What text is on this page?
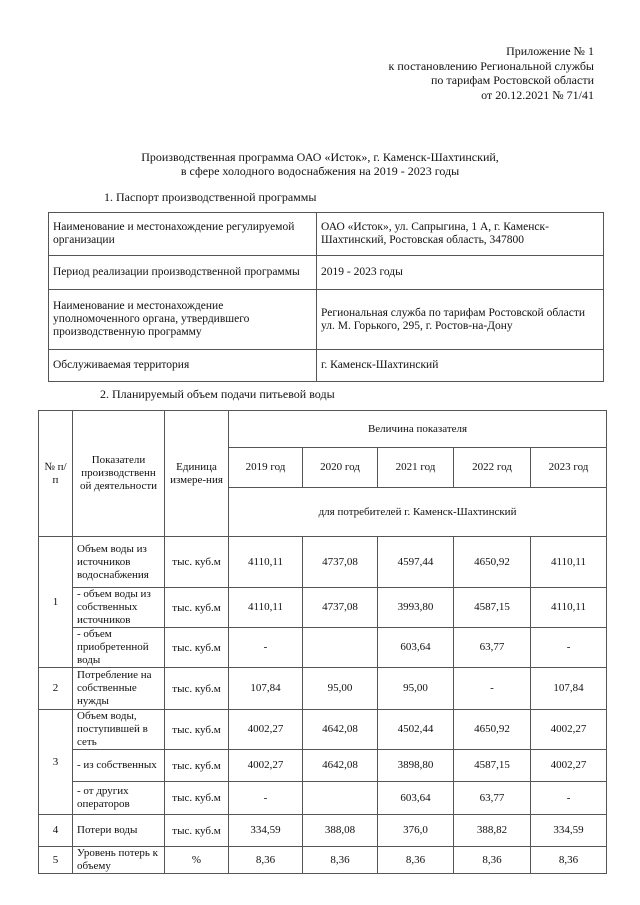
Приложение № 1
к постановлению Региональной службы
по тарифам Ростовской области
от 20.12.2021 № 71/41
Производственная программа ОАО «Исток», г. Каменск-Шахтинский,
в сфере холодного водоснабжения на 2019 - 2023 годы
1. Паспорт производственной программы
Наименование и местонахождение регулируемой организации	ОАО «Исток», ул. Сапрыгина, 1 А, г. Каменск-Шахтинский, Ростовская область, 347800
Период реализации производственной программы	2019 - 2023 годы
Наименование и местонахождение уполномоченного органа, утвердившего производственную программу	Региональная служба по тарифам Ростовской области ул. М. Горького, 295, г. Ростов-на-Дону
Обслуживаемая территория	г. Каменск-Шахтинский
2. Планируемый объем подачи питьевой воды
№ п/п	Показатели производственн ой деятельности	Единица измере-ния	Величина показателя				
			2019 год	2020 год	2021 год	2022 год	2023 год
			для потребителей г. Каменск-Шахтинский				
1	Объем воды из источников водоснабжения	тыс. куб.м	4110,11	4737,08	4597,44	4650,92	4110,11
	- объем воды из собственных источников	тыс. куб.м	4110,11	4737,08	3993,80	4587,15	4110,11
	- объем приобретенной воды	тыс. куб.м	-		603,64	63,77	-
2	Потребление на собственные нужды	тыс. куб.м	107,84	95,00	95,00	-	107,84
3	Объем воды, поступившей в сеть	тыс. куб.м	4002,27	4642,08	4502,44	4650,92	4002,27
	- из собственных	тыс. куб.м	4002,27	4642,08	3898,80	4587,15	4002,27
	- от других операторов	тыс. куб.м	-		603,64	63,77	-
4	Потери воды	тыс. куб.м	334,59	388,08	376,0	388,82	334,59
5	Уровень потерь к объему	%	8,36	8,36	8,36	8,36	8,36
